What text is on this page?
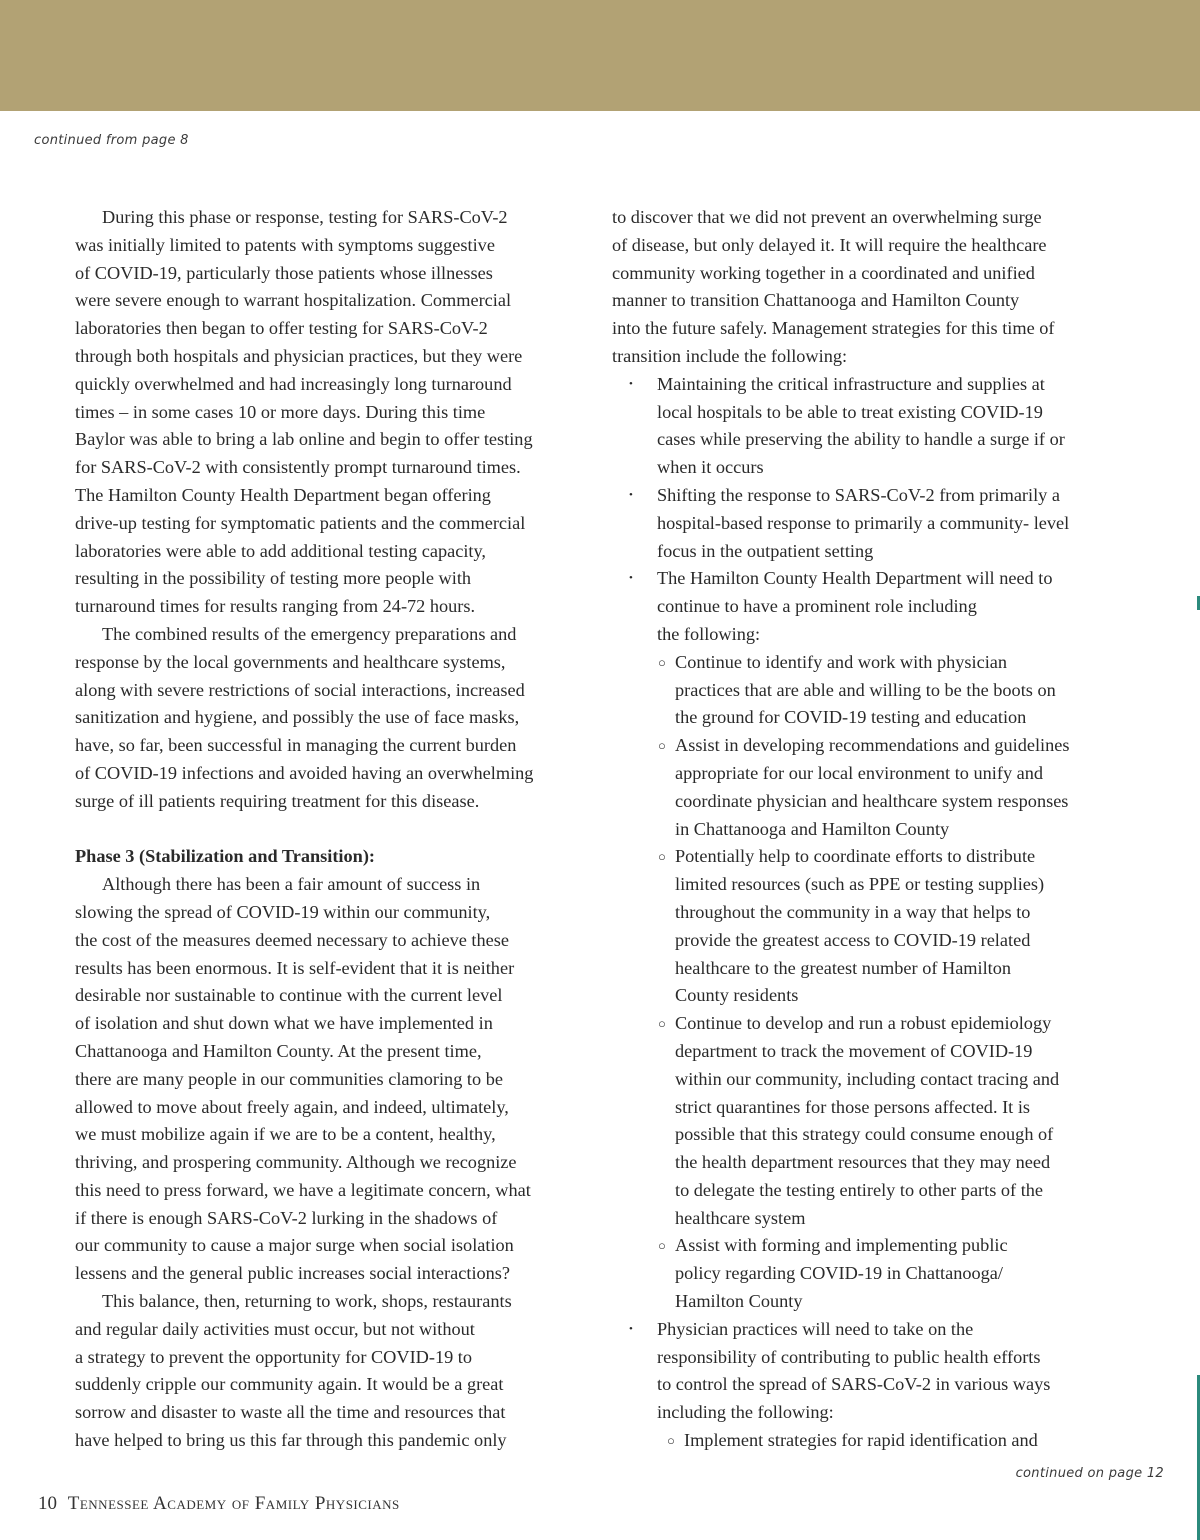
continued from page 8
During this phase or response, testing for SARS-CoV-2
was initially limited to patents with symptoms suggestive
of COVID-19, particularly those patients whose illnesses
were severe enough to warrant hospitalization. Commercial
laboratories then began to offer testing for SARS-CoV-2
through both hospitals and physician practices, but they were
quickly overwhelmed and had increasingly long turnaround
times – in some cases 10 or more days. During this time
Baylor was able to bring a lab online and begin to offer testing
for SARS-CoV-2 with consistently prompt turnaround times.
The Hamilton County Health Department began offering
drive-up testing for symptomatic patients and the commercial
laboratories were able to add additional testing capacity,
resulting in the possibility of testing more people with
turnaround times for results ranging from 24-72 hours.
The combined results of the emergency preparations and
response by the local governments and healthcare systems,
along with severe restrictions of social interactions, increased
sanitization and hygiene, and possibly the use of face masks,
have, so far, been successful in managing the current burden
of COVID-19 infections and avoided having an overwhelming
surge of ill patients requiring treatment for this disease.
Phase 3 (Stabilization and Transition):
Although there has been a fair amount of success in
slowing the spread of COVID-19 within our community,
the cost of the measures deemed necessary to achieve these
results has been enormous. It is self-evident that it is neither
desirable nor sustainable to continue with the current level
of isolation and shut down what we have implemented in
Chattanooga and Hamilton County. At the present time,
there are many people in our communities clamoring to be
allowed to move about freely again, and indeed, ultimately,
we must mobilize again if we are to be a content, healthy,
thriving, and prospering community. Although we recognize
this need to press forward, we have a legitimate concern, what
if there is enough SARS-CoV-2 lurking in the shadows of
our community to cause a major surge when social isolation
lessens and the general public increases social interactions?
This balance, then, returning to work, shops, restaurants
and regular daily activities must occur, but not without
a strategy to prevent the opportunity for COVID-19 to
suddenly cripple our community again. It would be a great
sorrow and disaster to waste all the time and resources that
have helped to bring us this far through this pandemic only
to discover that we did not prevent an overwhelming surge
of disease, but only delayed it. It will require the healthcare
community working together in a coordinated and unified
manner to transition Chattanooga and Hamilton County
into the future safely. Management strategies for this time of
transition include the following:
• Maintaining the critical infrastructure and supplies at
local hospitals to be able to treat existing COVID-19
cases while preserving the ability to handle a surge if or
when it occurs
• Shifting the response to SARS-CoV-2 from primarily a
hospital-based response to primarily a community- level
focus in the outpatient setting
• The Hamilton County Health Department will need to
continue to have a prominent role including
the following:
○ Continue to identify and work with physician
practices that are able and willing to be the boots on
the ground for COVID-19 testing and education
○ Assist in developing recommendations and guidelines
appropriate for our local environment to unify and
coordinate physician and healthcare system responses
in Chattanooga and Hamilton County
○ Potentially help to coordinate efforts to distribute
limited resources (such as PPE or testing supplies)
throughout the community in a way that helps to
provide the greatest access to COVID-19 related
healthcare to the greatest number of Hamilton
County residents
○ Continue to develop and run a robust epidemiology
department to track the movement of COVID-19
within our community, including contact tracing and
strict quarantines for those persons affected. It is
possible that this strategy could consume enough of
the health department resources that they may need
to delegate the testing entirely to other parts of the
healthcare system
○ Assist with forming and implementing public
policy regarding COVID-19 in Chattanooga/
Hamilton County
• Physician practices will need to take on the
responsibility of contributing to public health efforts
to control the spread of SARS-CoV-2 in various ways
including the following:
○ Implement strategies for rapid identification and
continued on page 12
10 Tennessee Academy of Family Physicians
